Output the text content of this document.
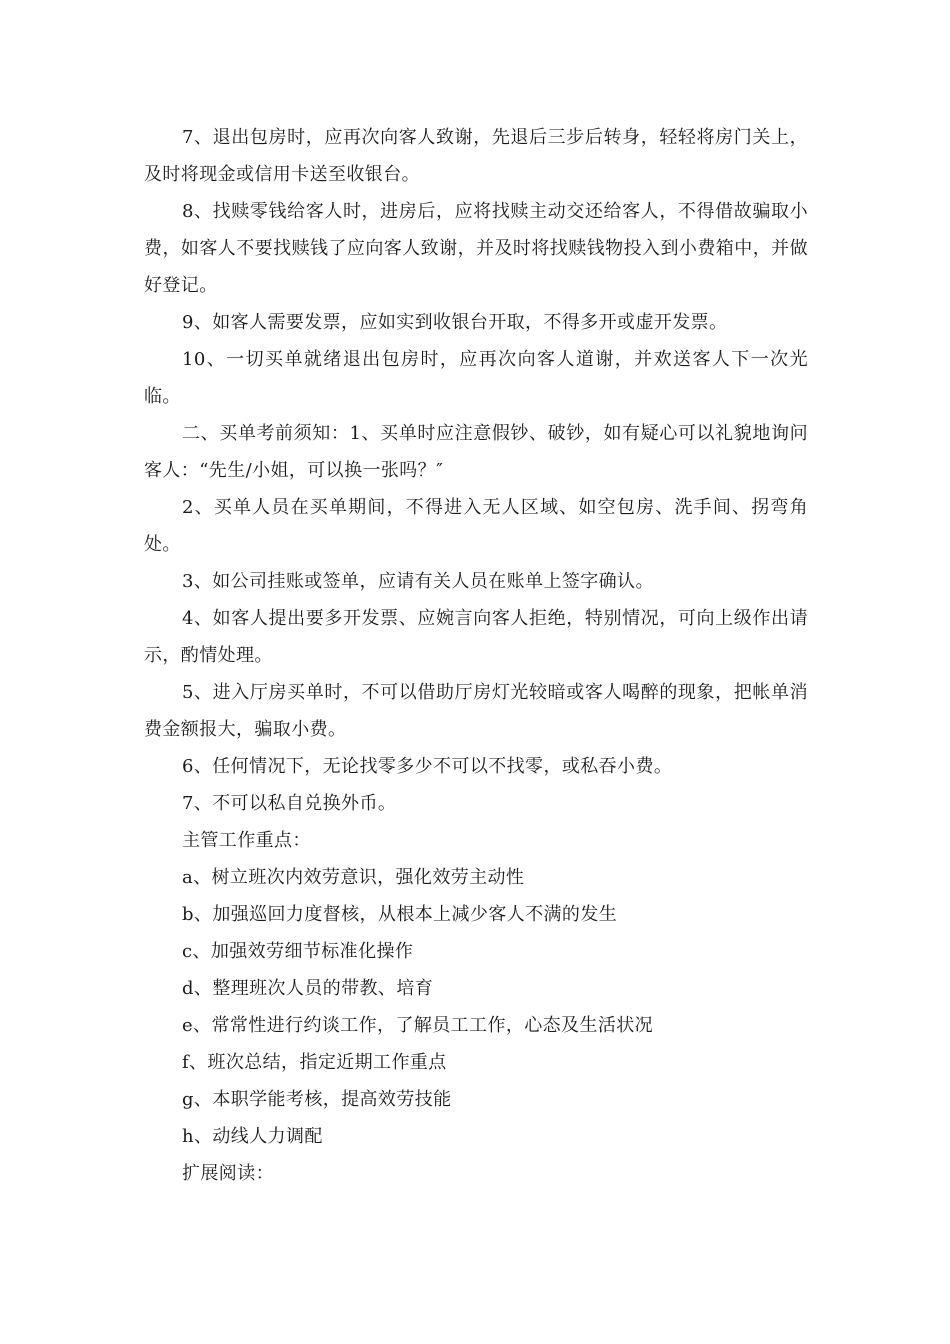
7、退出包房时，应再次向客人致谢，先退后三步后转身，轻轻将房门关上，及时将现金或信用卡送至收银台。

8、找赎零钱给客人时，进房后，应将找赎主动交还给客人，不得借故骗取小费，如客人不要找赎钱了应向客人致谢，并及时将找赎钱物投入到小费箱中，并做好登记。

9、如客人需要发票，应如实到收银台开取，不得多开或虚开发票。

10、一切买单就绪退出包房时，应再次向客人道谢，并欢送客人下一次光临。

二、买单考前须知：1、买单时应注意假钞、破钞，如有疑心可以礼貌地询问客人：“先生/小姐，可以换一张吗？″

2、买单人员在买单期间，不得进入无人区域、如空包房、洗手间、拐弯角处。

3、如公司挂账或签单，应请有关人员在账单上签字确认。

4、如客人提出要多开发票、应婉言向客人拒绝，特别情况，可向上级作出请示，酌情处理。

5、进入厅房买单时，不可以借助厅房灯光较暗或客人喝醉的现象，把帐单消费金额报大，骗取小费。

6、任何情况下，无论找零多少不可以不找零，或私吞小费。

7、不可以私自兑换外币。

主管工作重点：

a、树立班次内效劳意识，强化效劳主动性

b、加强巡回力度督核，从根本上减少客人不满的发生

c、加强效劳细节标准化操作

d、整理班次人员的带教、培育

e、常常性进行约谈工作，了解员工工作，心态及生活状况

f、班次总结，指定近期工作重点

g、本职学能考核，提高效劳技能

h、动线人力调配

扩展阅读：
